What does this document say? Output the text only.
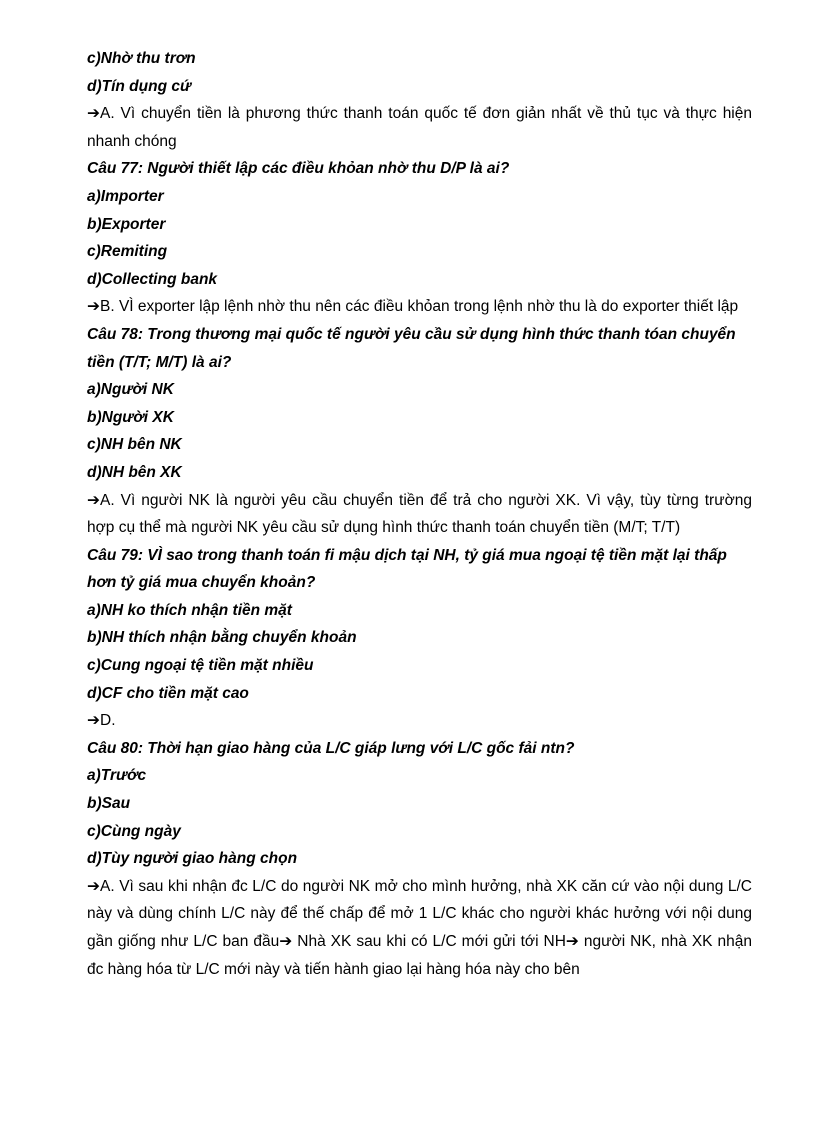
c)Nhờ thu trơn
d)Tín dụng cứ
➔A. Vì chuyển tiền là phương thức thanh toán quốc tế đơn giản nhất về thủ tục và thực hiện nhanh chóng
Câu 77: Người thiết lập các điều khỏan nhờ thu D/P là ai?
a)Importer
b)Exporter
c)Remiting
d)Collecting bank
➔B. VÌ exporter lập lệnh nhờ thu nên các điều khỏan trong lệnh nhờ thu là do exporter thiết lập
Câu 78: Trong thương mại quốc tế người yêu cầu sử dụng hình thức thanh tóan chuyển tiền (T/T; M/T) là ai?
a)Người NK
b)Người XK
c)NH bên NK
d)NH bên XK
➔A. Vì người NK là người yêu cầu chuyển tiền để trả cho người XK. Vì vậy, tùy từng trường hợp cụ thể mà người NK yêu cầu sử dụng hình thức thanh toán chuyển tiền (M/T; T/T)
Câu 79: VÌ sao trong thanh toán fi mậu dịch tại NH, tỷ giá mua ngoại tệ tiền mặt lại thấp hơn tỷ giá mua chuyển khoản?
a)NH ko thích nhận tiền mặt
b)NH thích nhận bằng chuyển khoản
c)Cung ngoại tệ tiền mặt nhiều
d)CF cho tiền mặt cao
➔D.
Câu 80: Thời hạn giao hàng của L/C giáp lưng với L/C gốc fải ntn?
a)Trước
b)Sau
c)Cùng ngày
d)Tùy người giao hàng chọn
➔A. Vì sau khi nhận đc L/C do người NK mở cho mình hưởng, nhà XK căn cứ vào nội dung L/C này và dùng chính L/C này để thế chấp để mở 1 L/C khác cho người khác hưởng với nội dung gần giống như L/C ban đầu➔ Nhà XK sau khi có L/C mới gửi tới NH➔ người NK, nhà XK nhận đc hàng hóa từ L/C mới này và tiến hành giao lại hàng hóa này cho bên
